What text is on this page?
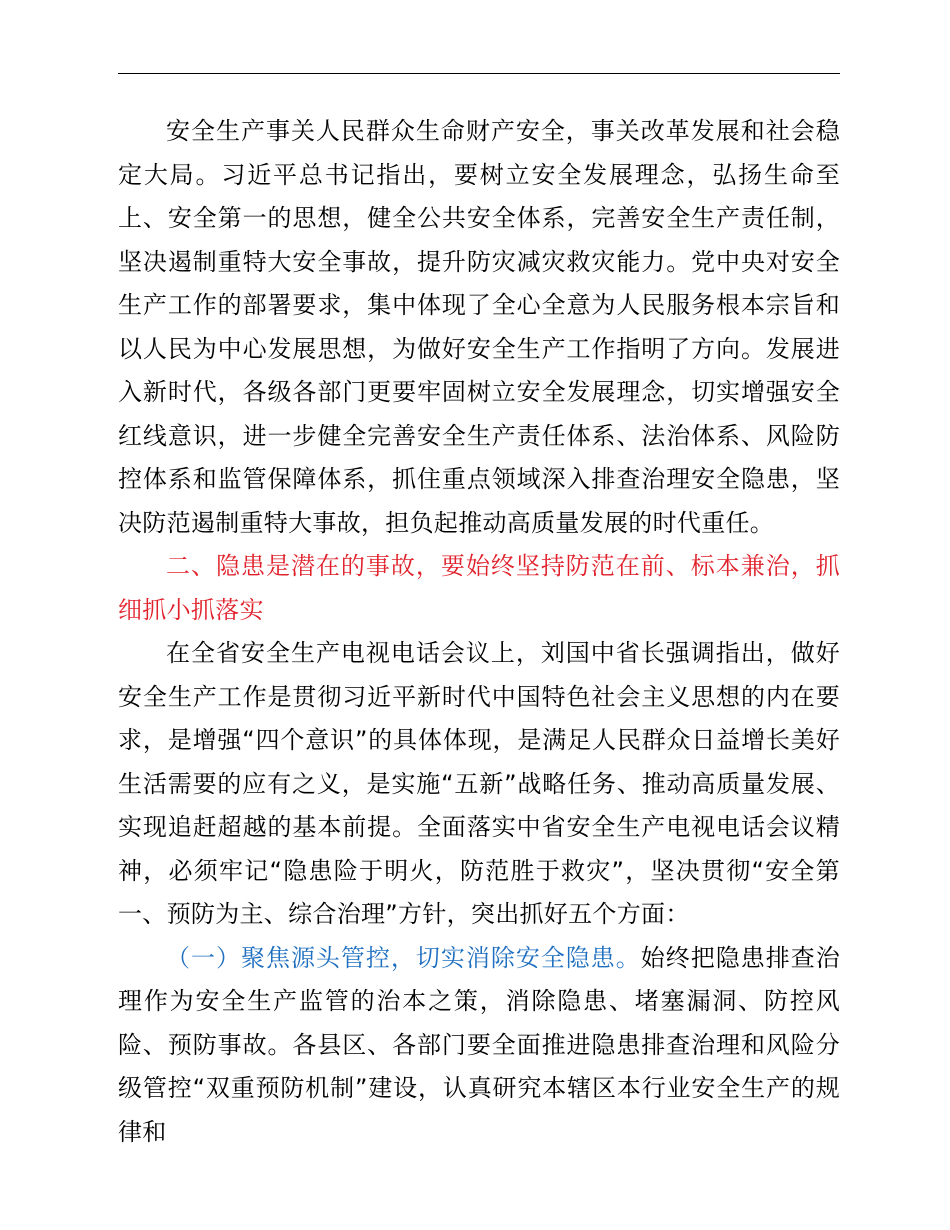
安全生产事关人民群众生命财产安全，事关改革发展和社会稳定大局。习近平总书记指出，要树立安全发展理念，弘扬生命至上、安全第一的思想，健全公共安全体系，完善安全生产责任制，坚决遏制重特大安全事故，提升防灾减灾救灾能力。党中央对安全生产工作的部署要求，集中体现了全心全意为人民服务根本宗旨和以人民为中心发展思想，为做好安全生产工作指明了方向。发展进入新时代，各级各部门更要牢固树立安全发展理念，切实增强安全红线意识，进一步健全完善安全生产责任体系、法治体系、风险防控体系和监管保障体系，抓住重点领域深入排查治理安全隐患，坚决防范遏制重特大事故，担负起推动高质量发展的时代重任。

二、隐患是潜在的事故，要始终坚持防范在前、标本兼治，抓细抓小抓落实

在全省安全生产电视电话会议上，刘国中省长强调指出，做好安全生产工作是贯彻习近平新时代中国特色社会主义思想的内在要求，是增强“四个意识”的具体体现，是满足人民群众日益增长美好生活需要的应有之义，是实施“五新”战略任务、推动高质量发展、实现追赶超越的基本前提。全面落实中省安全生产电视电话会议精神，必须牢记“隐患险于明火，防范胜于救灾”，坚决贯彻“安全第一、预防为主、综合治理”方针，突出抓好五个方面：

（一）聚焦源头管控，切实消除安全隐患。始终把隐患排查治理作为安全生产监管的治本之策，消除隐患、堵塞漏洞、防控风险、预防事故。各县区、各部门要全面推进隐患排查治理和风险分级管控“双重预防机制”建设，认真研究本辖区本行业安全生产的规律和
